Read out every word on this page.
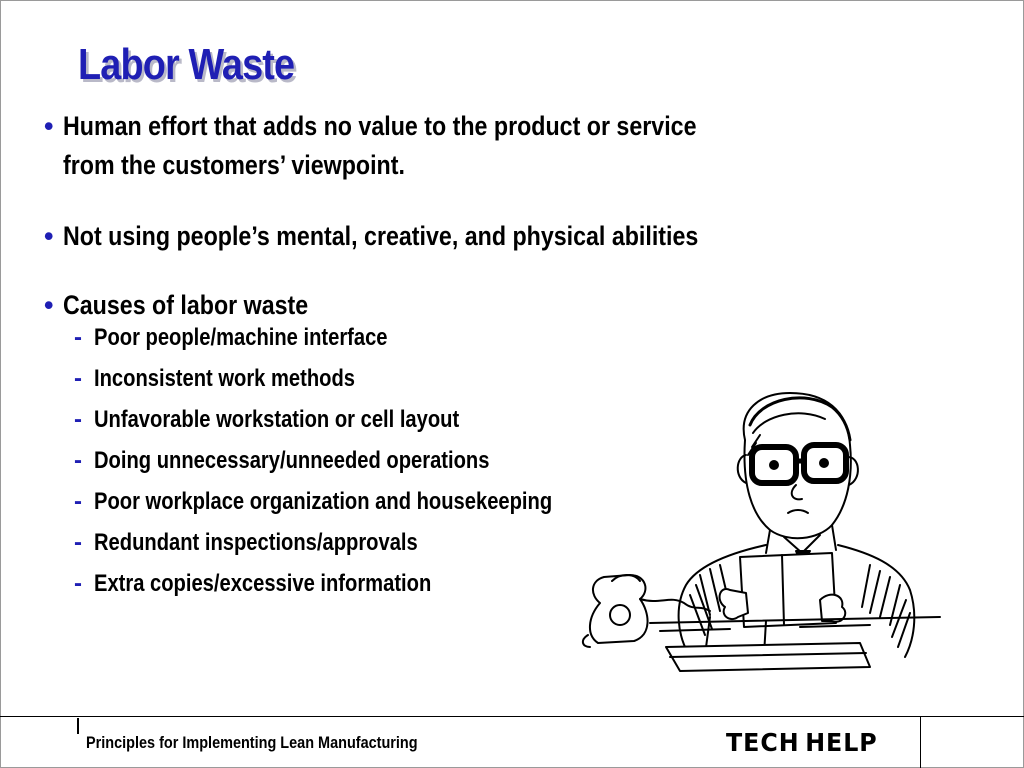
Labor Waste
• Human effort that adds no value to the product or service
from the customers’ viewpoint.
• Not using people’s mental, creative, and physical abilities
• Causes of labor waste
- Poor people/machine interface
- Inconsistent work methods
- Unfavorable workstation or cell layout
- Doing unnecessary/unneeded operations
- Poor workplace organization and housekeeping
- Redundant inspections/approvals
- Extra copies/excessive information
Principles for Implementing Lean Manufacturing	TECH HELP
